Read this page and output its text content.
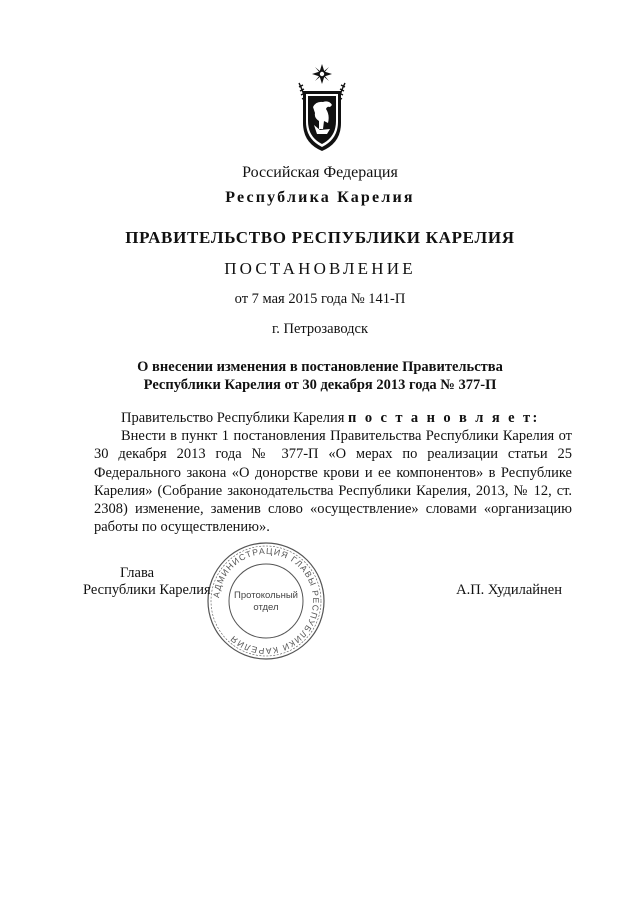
Российская Федерация
Республика Карелия
ПРАВИТЕЛЬСТВО РЕСПУБЛИКИ КАРЕЛИЯ
ПОСТАНОВЛЕНИЕ
от 7 мая 2015 года № 141-П
г. Петрозаводск
О внесении изменения в постановление Правительства
Республики Карелия от 30 декабря 2013 года № 377-П

Правительство Республики Карелия п о с т а н о в л я е т:

Внести в пункт 1 постановления Правительства Республики Карелия от 30 декабря 2013 года № 377-П «О мерах по реализации статьи 25 Федерального закона «О донорстве крови и ее компонентов» в Республике Карелия» (Собрание законодательства Республики Карелия, 2013, № 12, ст. 2308) изменение, заменив слово «осуществление» словами «организацию работы по осуществлению».

АДМИНИСТРАЦИЯ ГЛАВЫ РЕСПУБЛИКИ КАРЕЛИЯ
Протокольный
отдел
Глава
Республики Карелия	А.П. Худилайнен
